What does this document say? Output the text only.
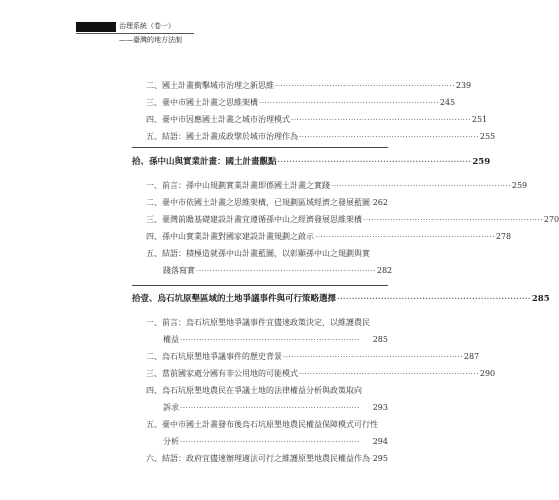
治理系統（卷一）
——臺灣的地方法制
二、國土計畫衝擊城市治理之新思維 ·································································· 239
三、臺中市國土計畫之思維架構 ·································································· 245
四、臺中市因應國土計畫之城市治理模式 ·································································· 251
五、結語：國土計畫成政擘於城市治理作為 ·································································· 255
拾、孫中山與實業計畫：國土計畫觀點 ·································································· 259
一、前言：孫中山規劃實業計畫即係國土計畫之實踐 ·································································· 259
二、臺中市依國土計畫之思維架構，已規劃區域經濟之發展藍圖 262
三、臺灣前瞻基礎建設計畫宜遵循孫中山之經濟發展思維架構 ·································································· 270
四、孫中山實業計畫對國家建設計畫規劃之啟示 ·································································· 278
五、結語：積極造就孫中山計畫藍圖，以彰顯孫中山之規劃與實
踐落寫實 ·································································· 282
拾壹、烏石坑原墾區域的土地爭議事件與可行策略選擇 ·································································· 285
一、前言：烏石坑原墾地爭議事件宜儘速政策決定，以維護農民
權益 ··································································	285
二、烏石坑原墾地爭議事件的歷史背景 ·································································· 287
三、當前國家處分國有非公用地的可能模式 ·································································· 290
四、烏石坑原墾地農民在爭議土地的法律權益分析與政策取向
訴求 ··································································	293
五、臺中市國土計畫發布後烏石坑原墾地農民權益保障模式可行性
分析 ··································································	294
六、結語：政府宜儘速辦理適法可行之維護原墾地農民權益作為 295
